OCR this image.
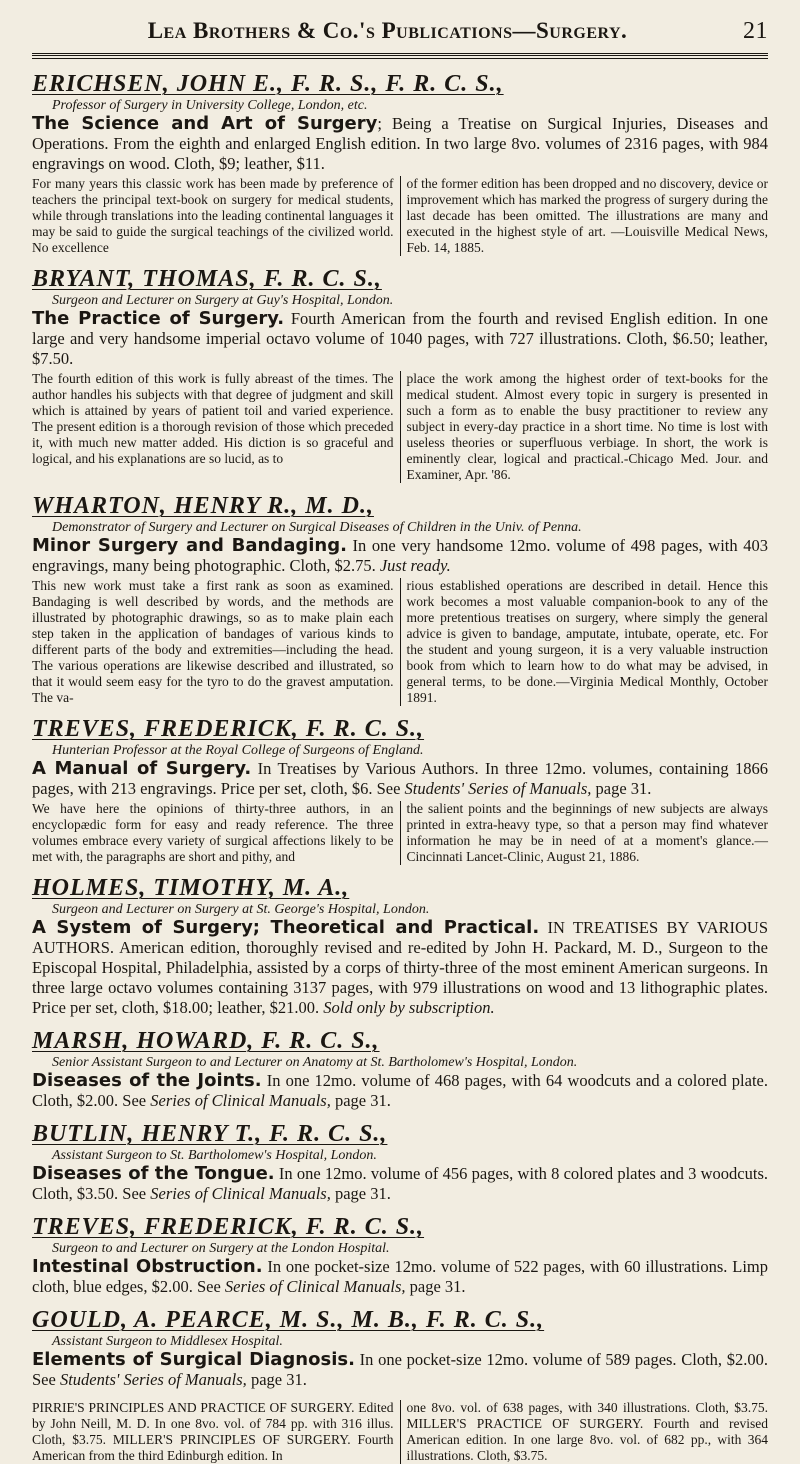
Lea Brothers & Co.'s Publications—Surgery.	21
ERICHSEN, JOHN E., F. R. S., F. R. C. S.,
Professor of Surgery in University College, London, etc.
The Science and Art of Surgery; Being a Treatise on Surgical Injuries, Diseases and Operations. From the eighth and enlarged English edition. In two large 8vo. volumes of 2316 pages, with 984 engravings on wood. Cloth, $9; leather, $11.
For many years this classic work has been made by preference of teachers the principal text-book on surgery for medical students, while through translations into the leading continental languages it may be said to guide the surgical teachings of the civilized world. No excellence
of the former edition has been dropped and no discovery, device or improvement which has marked the progress of surgery during the last decade has been omitted. The illustrations are many and executed in the highest style of art. —Louisville Medical News, Feb. 14, 1885.
BRYANT, THOMAS, F. R. C. S.,
Surgeon and Lecturer on Surgery at Guy's Hospital, London.
The Practice of Surgery. Fourth American from the fourth and revised English edition. In one large and very handsome imperial octavo volume of 1040 pages, with 727 illustrations. Cloth, $6.50; leather, $7.50.
The fourth edition of this work is fully abreast of the times. The author handles his subjects with that degree of judgment and skill which is attained by years of patient toil and varied experience. The present edition is a thorough revision of those which preceded it, with much new matter added. His diction is so graceful and logical, and his explanations are so lucid, as to
place the work among the highest order of text-books for the medical student. Almost every topic in surgery is presented in such a form as to enable the busy practitioner to review any subject in every-day practice in a short time. No time is lost with useless theories or superfluous verbiage. In short, the work is eminently clear, logical and practical.-Chicago Med. Jour. and Examiner, Apr. '86.
WHARTON, HENRY R., M. D.,
Demonstrator of Surgery and Lecturer on Surgical Diseases of Children in the Univ. of Penna.
Minor Surgery and Bandaging. In one very handsome 12mo. volume of 498 pages, with 403 engravings, many being photographic. Cloth, $2.75. Just ready.
This new work must take a first rank as soon as examined. Bandaging is well described by words, and the methods are illustrated by photographic drawings, so as to make plain each step taken in the application of bandages of various kinds to different parts of the body and extremities—including the head. The various operations are likewise described and illustrated, so that it would seem easy for the tyro to do the gravest amputation. The va-
rious established operations are described in detail. Hence this work becomes a most valuable companion-book to any of the more pretentious treatises on surgery, where simply the general advice is given to bandage, amputate, intubate, operate, etc. For the student and young surgeon, it is a very valuable instruction book from which to learn how to do what may be advised, in general terms, to be done.—Virginia Medical Monthly, October 1891.
TREVES, FREDERICK, F. R. C. S.,
Hunterian Professor at the Royal College of Surgeons of England.
A Manual of Surgery. In Treatises by Various Authors. In three 12mo. volumes, containing 1866 pages, with 213 engravings. Price per set, cloth, $6. See Students' Series of Manuals, page 31.
We have here the opinions of thirty-three authors, in an encyclopædic form for easy and ready reference. The three volumes embrace every variety of surgical affections likely to be met with, the paragraphs are short and pithy, and
the salient points and the beginnings of new subjects are always printed in extra-heavy type, so that a person may find whatever information he may be in need of at a moment's glance.—Cincinnati Lancet-Clinic, August 21, 1886.
HOLMES, TIMOTHY, M. A.,
Surgeon and Lecturer on Surgery at St. George's Hospital, London.
A System of Surgery; Theoretical and Practical. IN TREATISES BY VARIOUS AUTHORS. American edition, thoroughly revised and re-edited by John H. Packard, M. D., Surgeon to the Episcopal Hospital, Philadelphia, assisted by a corps of thirty-three of the most eminent American surgeons. In three large octavo volumes containing 3137 pages, with 979 illustrations on wood and 13 lithographic plates. Price per set, cloth, $18.00; leather, $21.00. Sold only by subscription.
MARSH, HOWARD, F. R. C. S.,
Senior Assistant Surgeon to and Lecturer on Anatomy at St. Bartholomew's Hospital, London.
Diseases of the Joints. In one 12mo. volume of 468 pages, with 64 woodcuts and a colored plate. Cloth, $2.00. See Series of Clinical Manuals, page 31.
BUTLIN, HENRY T., F. R. C. S.,
Assistant Surgeon to St. Bartholomew's Hospital, London.
Diseases of the Tongue. In one 12mo. volume of 456 pages, with 8 colored plates and 3 woodcuts. Cloth, $3.50. See Series of Clinical Manuals, page 31.
TREVES, FREDERICK, F. R. C. S.,
Surgeon to and Lecturer on Surgery at the London Hospital.
Intestinal Obstruction. In one pocket-size 12mo. volume of 522 pages, with 60 illustrations. Limp cloth, blue edges, $2.00. See Series of Clinical Manuals, page 31.
GOULD, A. PEARCE, M. S., M. B., F. R. C. S.,
Assistant Surgeon to Middlesex Hospital.
Elements of Surgical Diagnosis. In one pocket-size 12mo. volume of 589 pages. Cloth, $2.00. See Students' Series of Manuals, page 31.
PIRRIE'S PRINCIPLES AND PRACTICE OF SURGERY. Edited by John Neill, M. D. In one 8vo. vol. of 784 pp. with 316 illus. Cloth, $3.75. MILLER'S PRINCIPLES OF SURGERY. Fourth American from the third Edinburgh edition. In
one 8vo. vol. of 638 pages, with 340 illustrations. Cloth, $3.75. MILLER'S PRACTICE OF SURGERY. Fourth and revised American edition. In one large 8vo. vol. of 682 pp., with 364 illustrations. Cloth, $3.75.
